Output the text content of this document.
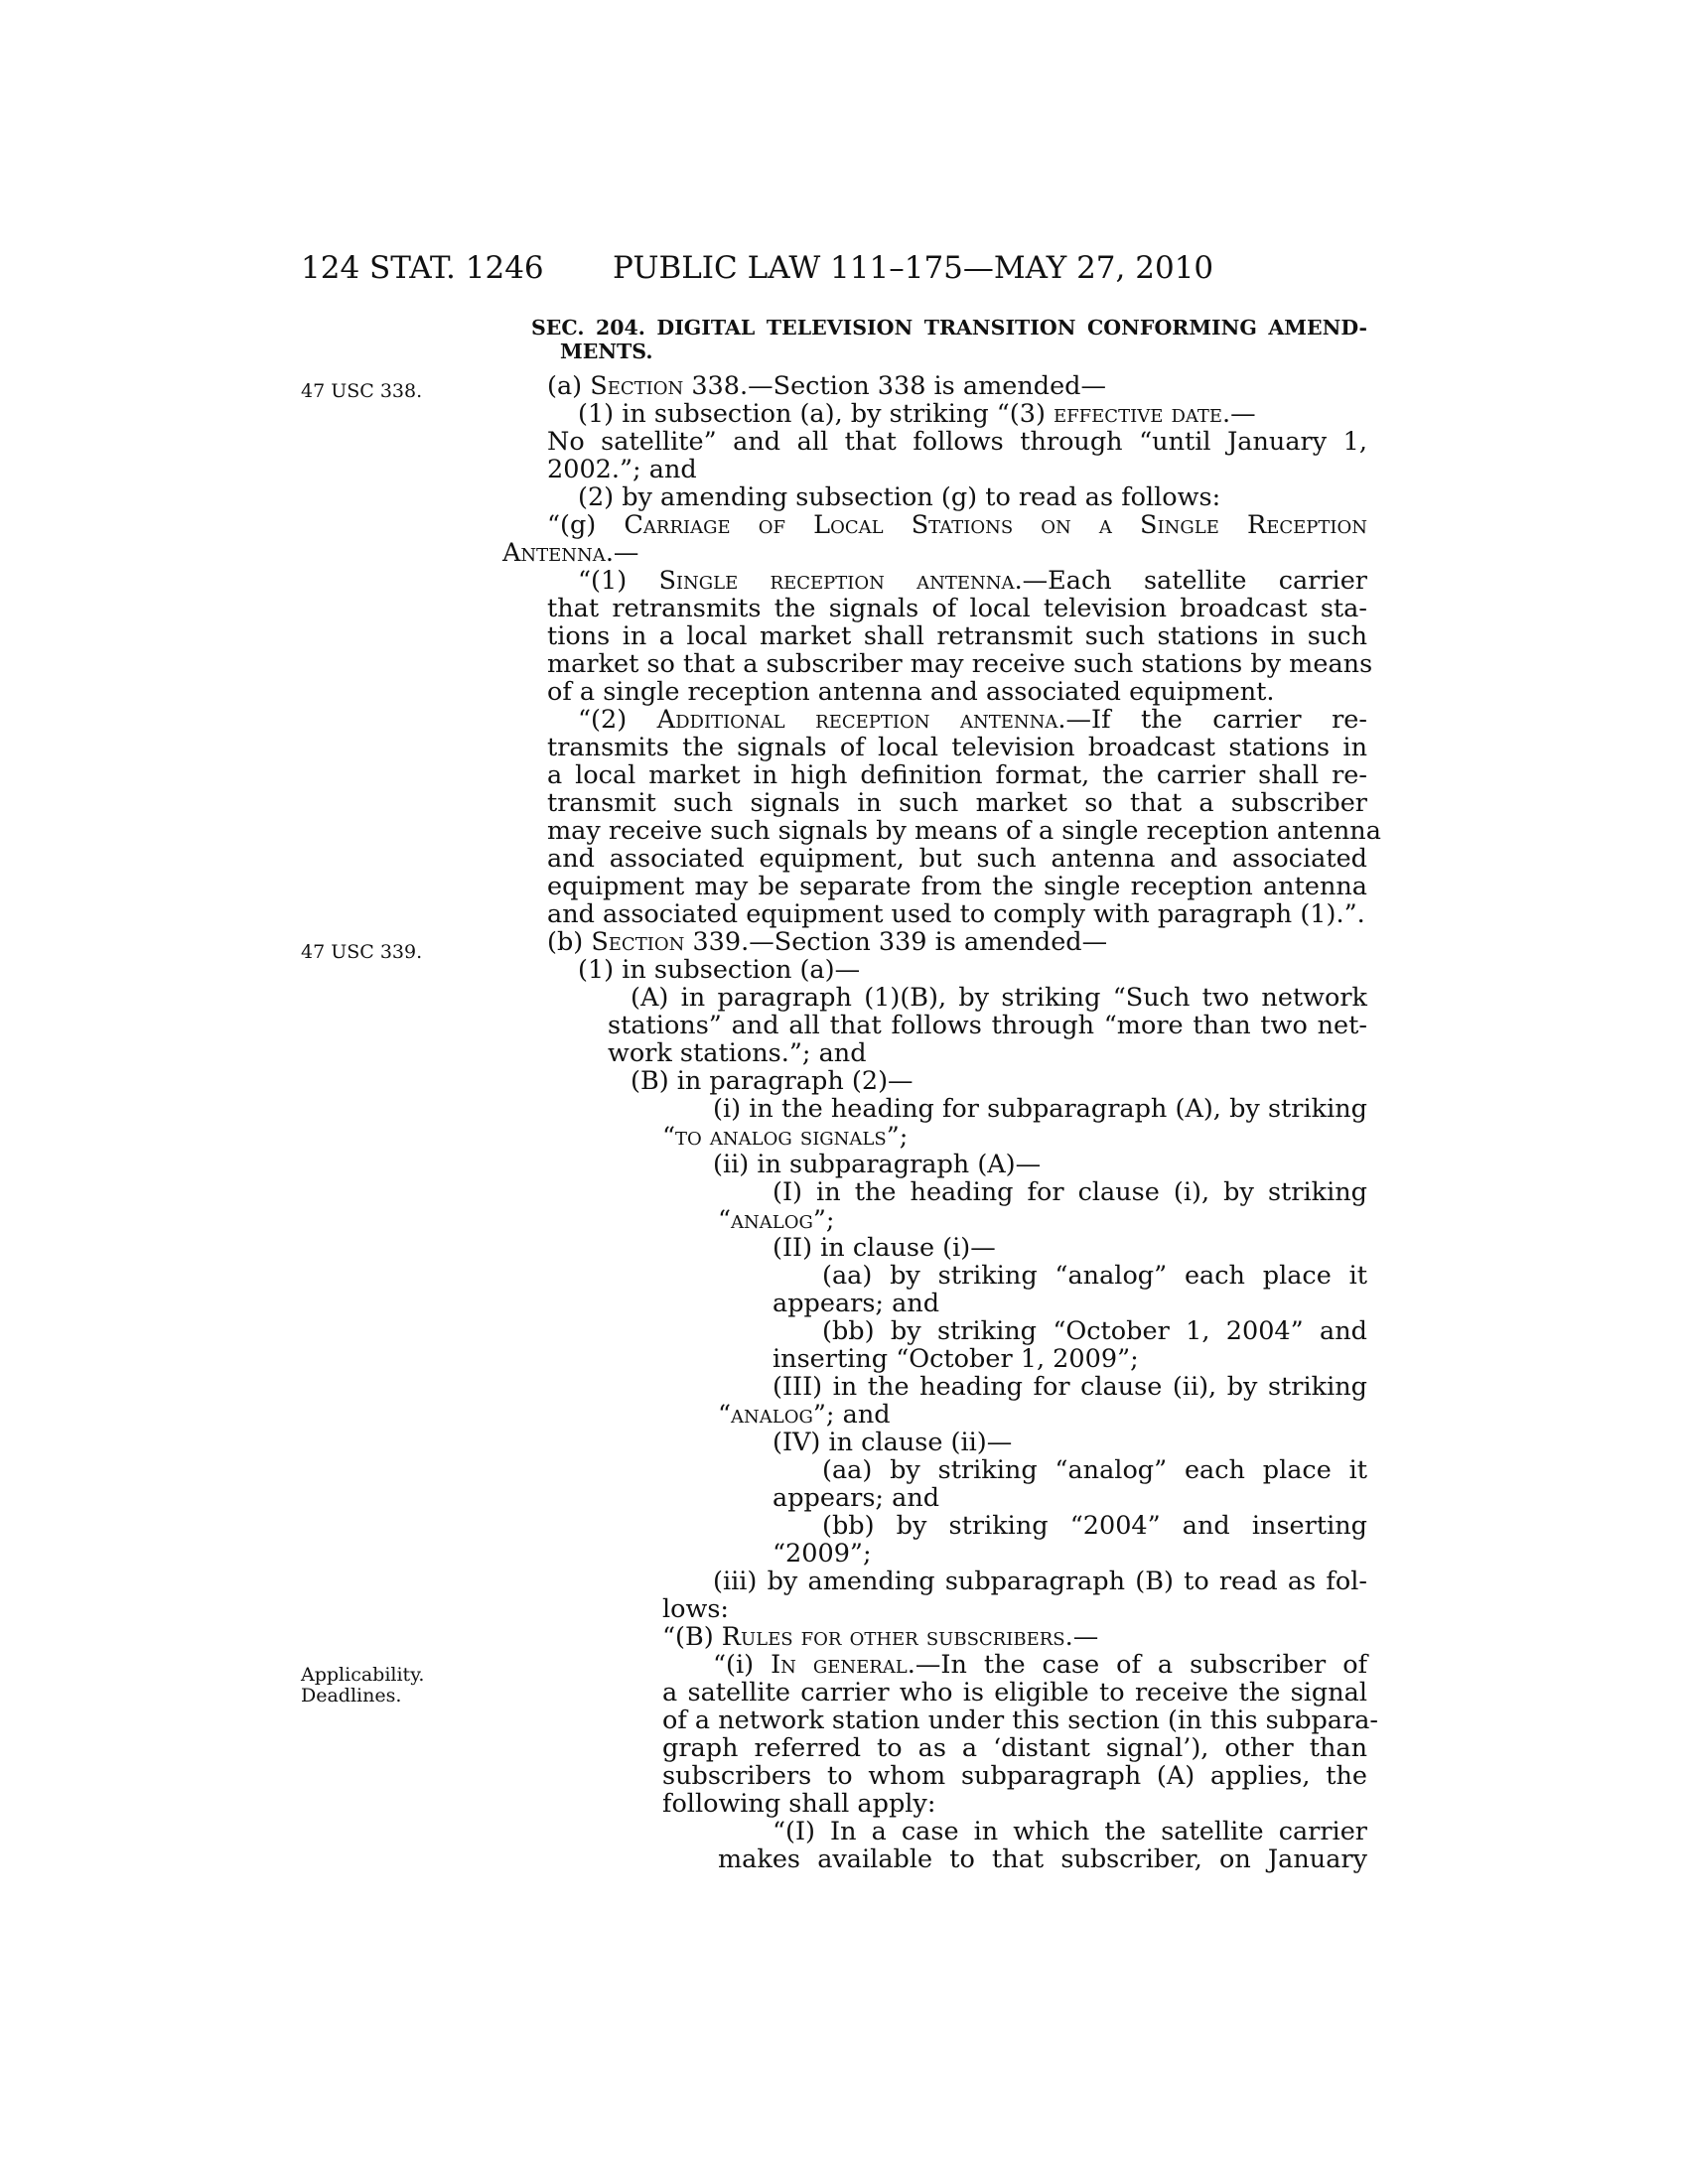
124 STAT. 1246 PUBLIC LAW 111–175—MAY 27, 2010
SEC. 204. DIGITAL TELEVISION TRANSITION CONFORMING AMEND-
MENTS.
47 USC 338.
47 USC 339.
Applicability.
Deadlines.
(a) Section 338.—Section 338 is amended—
(1) in subsection (a), by striking “(3) effective date.—
No satellite” and all that follows through “until January 1,
2002.”; and
(2) by amending subsection (g) to read as follows:
“(g) Carriage of Local Stations on a Single Reception
Antenna.—
“(1) Single reception antenna.—Each satellite carrier
that retransmits the signals of local television broadcast sta-
tions in a local market shall retransmit such stations in such
market so that a subscriber may receive such stations by means
of a single reception antenna and associated equipment.
“(2) Additional reception antenna.—If the carrier re-
transmits the signals of local television broadcast stations in
a local market in high definition format, the carrier shall re-
transmit such signals in such market so that a subscriber
may receive such signals by means of a single reception antenna
and associated equipment, but such antenna and associated
equipment may be separate from the single reception antenna
and associated equipment used to comply with paragraph (1).”.
(b) Section 339.—Section 339 is amended—
(1) in subsection (a)—
(A) in paragraph (1)(B), by striking “Such two network
stations” and all that follows through “more than two net-
work stations.”; and
(B) in paragraph (2)—
(i) in the heading for subparagraph (A), by striking
“to analog signals”;
(ii) in subparagraph (A)—
(I) in the heading for clause (i), by striking
“analog”;
(II) in clause (i)—
(aa) by striking “analog” each place it
appears; and
(bb) by striking “October 1, 2004” and
inserting “October 1, 2009”;
(III) in the heading for clause (ii), by striking
“analog”; and
(IV) in clause (ii)—
(aa) by striking “analog” each place it
appears; and
(bb) by striking “2004” and inserting
“2009”;
(iii) by amending subparagraph (B) to read as fol-
lows:
“(B) Rules for other subscribers.—
“(i) In general.—In the case of a subscriber of
a satellite carrier who is eligible to receive the signal
of a network station under this section (in this subpara-
graph referred to as a ‘distant signal’), other than
subscribers to whom subparagraph (A) applies, the
following shall apply:
“(I) In a case in which the satellite carrier
makes available to that subscriber, on January
